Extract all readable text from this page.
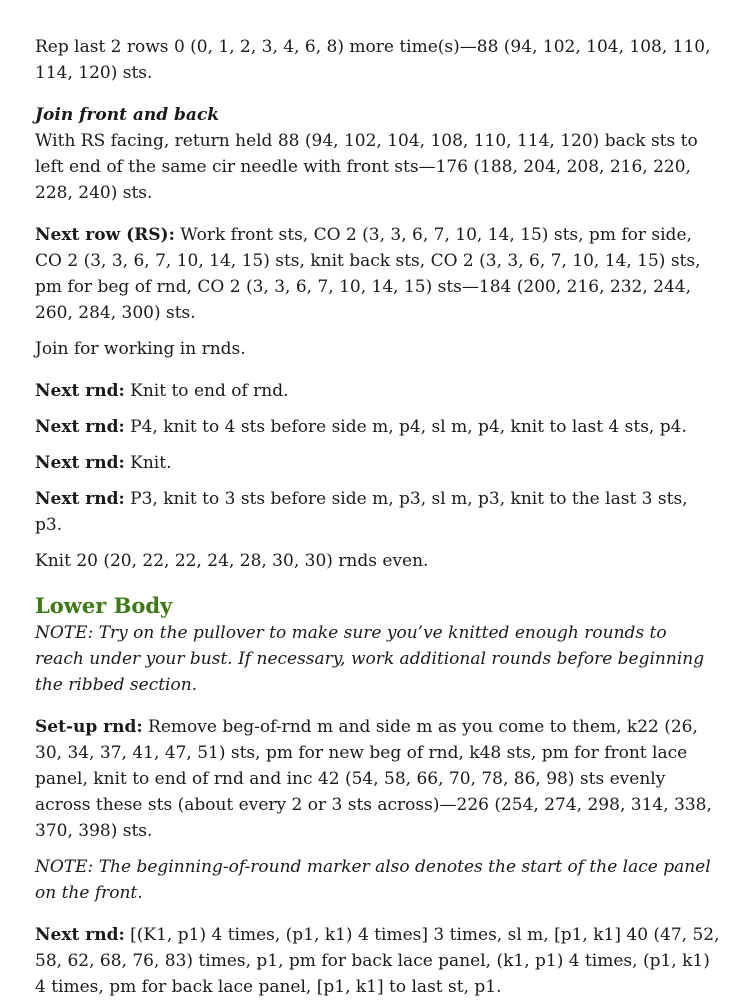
Rep last 2 rows 0 (0, 1, 2, 3, 4, 6, 8) more time(s)—88 (94, 102, 104, 108, 110, 114, 120) sts.

Join front and back

With RS facing, return held 88 (94, 102, 104, 108, 110, 114, 120) back sts to left end of the same cir needle with front sts—176 (188, 204, 208, 216, 220, 228, 240) sts.

Next row (RS): Work front sts, CO 2 (3, 3, 6, 7, 10, 14, 15) sts, pm for side, CO 2 (3, 3, 6, 7, 10, 14, 15) sts, knit back sts, CO 2 (3, 3, 6, 7, 10, 14, 15) sts, pm for beg of rnd, CO 2 (3, 3, 6, 7, 10, 14, 15) sts—184 (200, 216, 232, 244, 260, 284, 300) sts.

Join for working in rnds.

Next rnd: Knit to end of rnd.

Next rnd: P4, knit to 4 sts before side m, p4, sl m, p4, knit to last 4 sts, p4.

Next rnd: Knit.

Next rnd: P3, knit to 3 sts before side m, p3, sl m, p3, knit to the last 3 sts, p3.

Knit 20 (20, 22, 22, 24, 28, 30, 30) rnds even.

Lower Body

NOTE: Try on the pullover to make sure you’ve knitted enough rounds to reach under your bust. If necessary, work additional rounds before beginning the ribbed section.

Set-up rnd: Remove beg-of-rnd m and side m as you come to them, k22 (26, 30, 34, 37, 41, 47, 51) sts, pm for new beg of rnd, k48 sts, pm for front lace panel, knit to end of rnd and inc 42 (54, 58, 66, 70, 78, 86, 98) sts evenly across these sts (about every 2 or 3 sts across)—226 (254, 274, 298, 314, 338, 370, 398) sts.

NOTE: The beginning-of-round marker also denotes the start of the lace panel on the front.

Next rnd: [(K1, p1) 4 times, (p1, k1) 4 times] 3 times, sl m, [p1, k1] 40 (47, 52, 58, 62, 68, 76, 83) times, p1, pm for back lace panel, (k1, p1) 4 times, (p1, k1) 4 times, pm for back lace panel, [p1, k1] to last st, p1.
